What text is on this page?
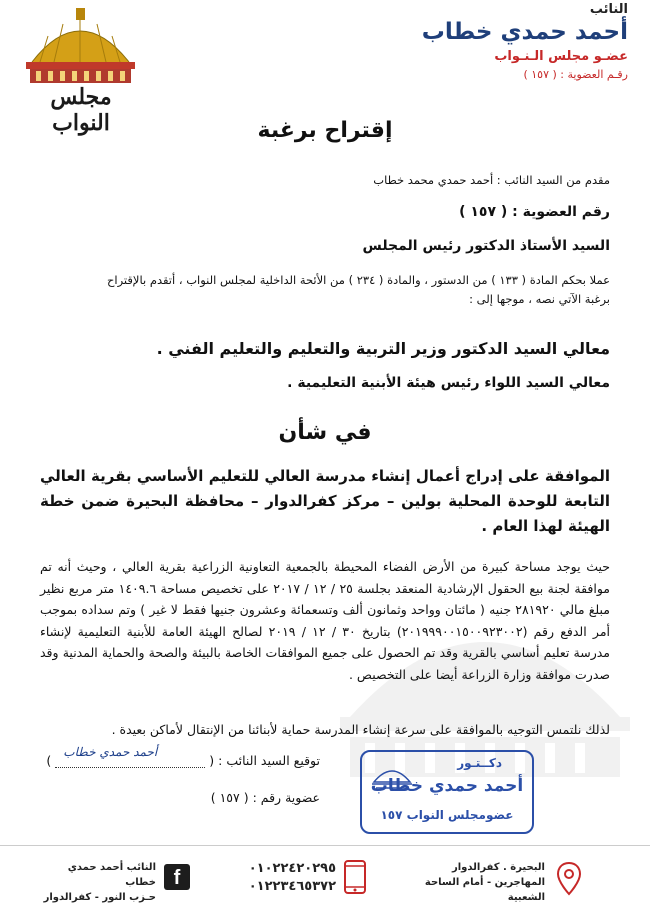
مجلس النواب
النائب
أحمد حمدي خطاب
عضـو مجلس الـنـواب
رقـم العضوية : ( ١٥٧ )
إقتراح برغبة
مقدم من السيد النائب : أحمد حمدي محمد خطاب
رقم العضوية : ( ١٥٧ )
السيد الأستاذ الدكتور رئيس المجلس
عملا بحكم المادة ( ١٣٣ ) من الدستور ، والمادة ( ٢٣٤ ) من الأئحة الداخلية لمجلس النواب ، أتقدم بالإقتراح
برغبة الآتي نصه ، موجها إلى :
معالي السيد الدكتور وزير التربية والتعليم والتعليم الفني .
معالي السيد اللواء رئيس هيئة الأبنية التعليمية .
في شأن
الموافقة على إدراج أعمال إنشاء مدرسة العالي للتعليم الأساسي بقرية العالي التابعة للوحدة المحلية بولين – مركز كفرالدوار – محافظة البحيرة ضمن خطة الهيئة لهذا العام .
حيث يوجد مساحة كبيرة من الأرض الفضاء المحيطة بالجمعية التعاونية الزراعية بقرية العالي ، وحيث أنه تم موافقة لجنة بيع الحقول الإرشادية المنعقد بجلسة ٢٥ / ١٢ / ٢٠١٧ على تخصيص مساحة ١٤٠٩.٦ متر مربع نظير مبلغ مالي ٢٨١٩٢٠ جنيه ( مائتان وواحد وثمانون ألف وتسعمائة وعشرون جنيها فقط لا غير ) وتم سداده بموجب أمر الدفع رقم (٢٠١٩٩٩٠٠١٥٠٠٩٢٣٠٠٢) بتاريخ ٣٠ / ١٢ / ٢٠١٩ لصالح الهيئة العامة للأبنية التعليمية لإنشاء مدرسة تعليم أساسي بالقرية وقد تم الحصول على جميع الموافقات الخاصة بالبيئة والصحة والحماية المدنية وقد صدرت موافقة وزارة الزراعة أيضا على التخصيص .
لذلك نلتمس التوجيه بالموافقة على سرعة إنشاء المدرسة حماية لأبنائنا من الإنتقال لأماكن بعيدة .
توقيع السيد النائب : (
أحمد حمدي خطاب
)
عضوية رقم : ( ١٥٧ )
دكــتـور
أحمد حمدي خطاب
عضومجلس النواب ١٥٧
النائب أحمد حمدي خطاب
حـزب النور - كفرالدوار
f	٠١٠٢٢٤٢٠٢٩٥
٠١٢٢٣٤٦٥٣٧٢
البحيرة . كفرالدوار
المهاجرين - أمام الساحة الشعبية
